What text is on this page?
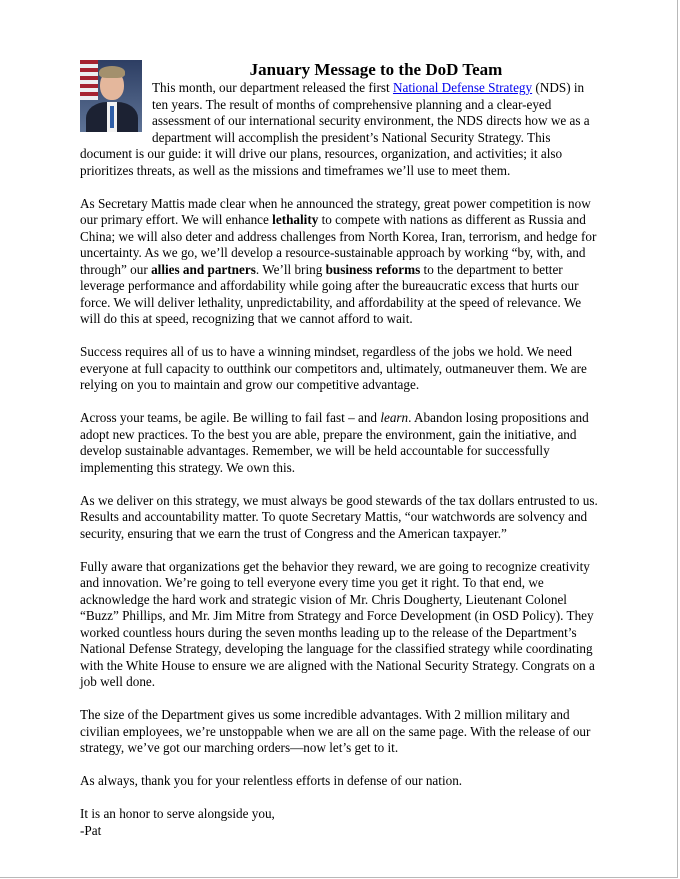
January Message to the DoD Team

This month, our department released the first National Defense Strategy (NDS) in ten years. The result of months of comprehensive planning and a clear-eyed assessment of our international security environment, the NDS directs how we as a department will accomplish the president’s National Security Strategy. This document is our guide: it will drive our plans, resources, organization, and activities; it also prioritizes threats, as well as the missions and timeframes we’ll use to meet them.

As Secretary Mattis made clear when he announced the strategy, great power competition is now our primary effort. We will enhance lethality to compete with nations as different as Russia and China; we will also deter and address challenges from North Korea, Iran, terrorism, and hedge for uncertainty. As we go, we’ll develop a resource-sustainable approach by working “by, with, and through” our allies and partners. We’ll bring business reforms to the department to better leverage performance and affordability while going after the bureaucratic excess that hurts our force. We will deliver lethality, unpredictability, and affordability at the speed of relevance. We will do this at speed, recognizing that we cannot afford to wait.

Success requires all of us to have a winning mindset, regardless of the jobs we hold. We need everyone at full capacity to outthink our competitors and, ultimately, outmaneuver them. We are relying on you to maintain and grow our competitive advantage.

Across your teams, be agile. Be willing to fail fast – and learn. Abandon losing propositions and adopt new practices. To the best you are able, prepare the environment, gain the initiative, and develop sustainable advantages. Remember, we will be held accountable for successfully implementing this strategy. We own this.

As we deliver on this strategy, we must always be good stewards of the tax dollars entrusted to us. Results and accountability matter. To quote Secretary Mattis, “our watchwords are solvency and security, ensuring that we earn the trust of Congress and the American taxpayer.”

Fully aware that organizations get the behavior they reward, we are going to recognize creativity and innovation. We’re going to tell everyone every time you get it right. To that end, we acknowledge the hard work and strategic vision of Mr. Chris Dougherty, Lieutenant Colonel “Buzz” Phillips, and Mr. Jim Mitre from Strategy and Force Development (in OSD Policy). They worked countless hours during the seven months leading up to the release of the Department’s National Defense Strategy, developing the language for the classified strategy while coordinating with the White House to ensure we are aligned with the National Security Strategy. Congrats on a job well done.

The size of the Department gives us some incredible advantages. With 2 million military and civilian employees, we’re unstoppable when we are all on the same page. With the release of our strategy, we’ve got our marching orders—now let’s get to it.

As always, thank you for your relentless efforts in defense of our nation.

It is an honor to serve alongside you,

-Pat
